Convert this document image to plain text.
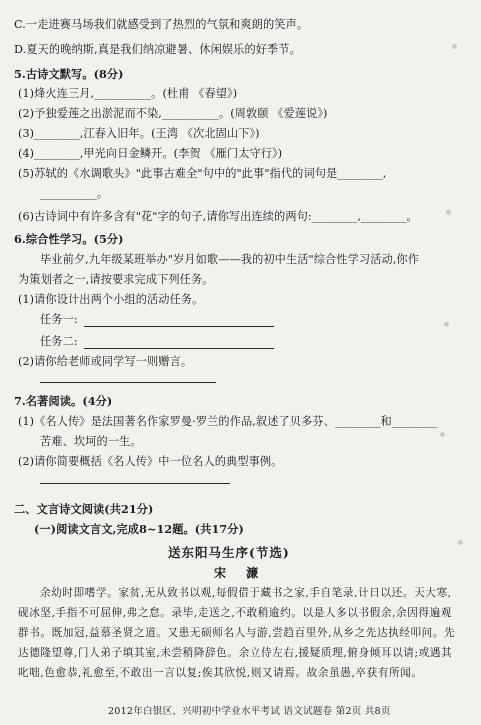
C.一走进赛马场我们就感受到了热烈的气氛和爽朗的笑声。
D.夏天的晚纳斯,真是我们纳凉避暑、休闲娱乐的好季节。
5.古诗文默写。(8分)
(1)烽火连三月,__________。(杜甫 《春望》)
(2)予独爱莲之出淤泥而不染,__________。(周敦颐 《爱莲说》)
(3)________,江春入旧年。(王湾 《次北固山下》)
(4)________,甲光向日金鳞开。(李贺 《雁门太守行》)
(5)苏轼的《水调歌头》"此事古难全"句中的"此事"指代的词句是________,
__________。
(6)古诗词中有许多含有"花"字的句子,请你写出连续的两句:________,________。
6.综合性学习。(5分)
毕业前夕,九年级某班举办"岁月如歌——我的初中生活"综合性学习活动,你作
为策划者之一,请按要求完成下列任务。
(1)请你设计出两个小组的活动任务。
任务一:
任务二:
(2)请你给老师或同学写一则赠言。
7.名著阅读。(4分)
(1)《名人传》是法国著名作家罗曼·罗兰的作品,叙述了贝多芬、________和________
苦难、坎坷的一生。
(2)请你简要概括《名人传》中一位名人的典型事例。
二、文言诗文阅读(共21分)
(一)阅读文言文,完成8~12题。(共17分)
送东阳马生序(节选)
宋 濂
余幼时即嗜学。家贫,无从致书以观,每假借于藏书之家,手自笔录,计日以还。天大寒,
砚冰坚,手指不可屈伸,弗之怠。录毕,走送之,不敢稍逾约。以是人多以书假余,余因得遍观
群书。既加冠,益慕圣贤之道。又患无硕师名人与游,尝趋百里外,从乡之先达执经叩问。先
达德隆望尊,门人弟子填其室,未尝稍降辞色。余立侍左右,援疑质理,俯身倾耳以请;或遇其
叱咄,色愈恭,礼愈至,不敢出一言以复;俟其欣悦,则又请焉。故余虽愚,卒获有所闻。
2012年白银区、兴明初中学业水平考试 语文试题卷 第2页 共8页
